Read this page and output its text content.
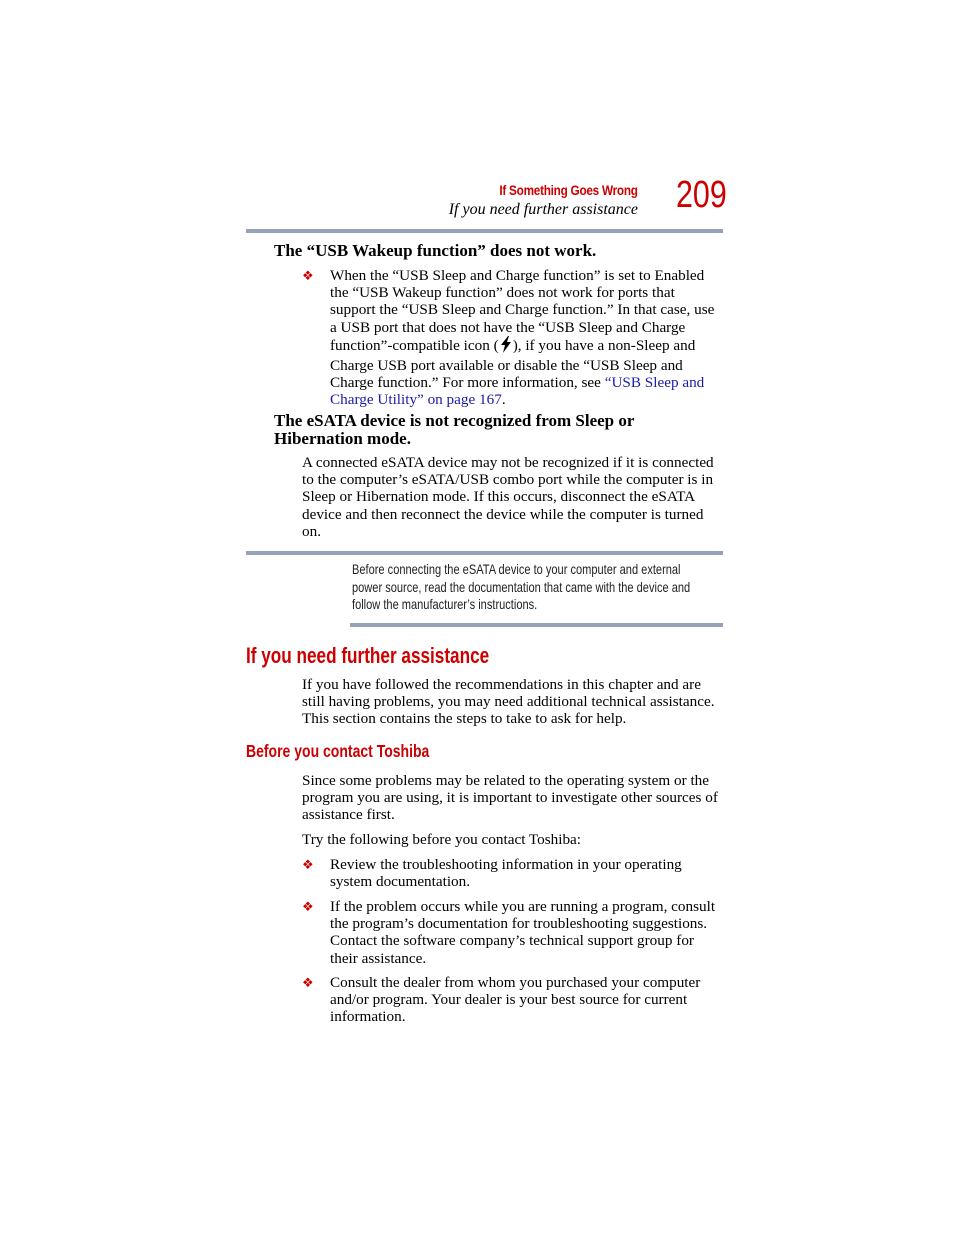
If Something Goes Wrong
If you need further assistance 209
The “USB Wakeup function” does not work.
❖ When the “USB Sleep and Charge function” is set to Enabled the “USB Wakeup function” does not work for ports that support the “USB Sleep and Charge function.” In that case, use a USB port that does not have the “USB Sleep and Charge function”-compatible icon ( ), if you have a non-Sleep and Charge USB port available or disable the “USB Sleep and Charge function.” For more information, see “USB Sleep and Charge Utility” on page 167.
The eSATA device is not recognized from Sleep or Hibernation mode.
A connected eSATA device may not be recognized if it is connected to the computer’s eSATA/USB combo port while the computer is in Sleep or Hibernation mode. If this occurs, disconnect the eSATA device and then reconnect the device while the computer is turned on.
Before connecting the eSATA device to your computer and external
power source, read the documentation that came with the device and
follow the manufacturer’s instructions.
If you need further assistance
If you have followed the recommendations in this chapter and are still having problems, you may need additional technical assistance. This section contains the steps to take to ask for help.
Before you contact Toshiba
Since some problems may be related to the operating system or the program you are using, it is important to investigate other sources of assistance first.
Try the following before you contact Toshiba:
❖ Review the troubleshooting information in your operating system documentation.
❖ If the problem occurs while you are running a program, consult the program’s documentation for troubleshooting suggestions. Contact the software company’s technical support group for their assistance.
❖ Consult the dealer from whom you purchased your computer and/or program. Your dealer is your best source for current information.
